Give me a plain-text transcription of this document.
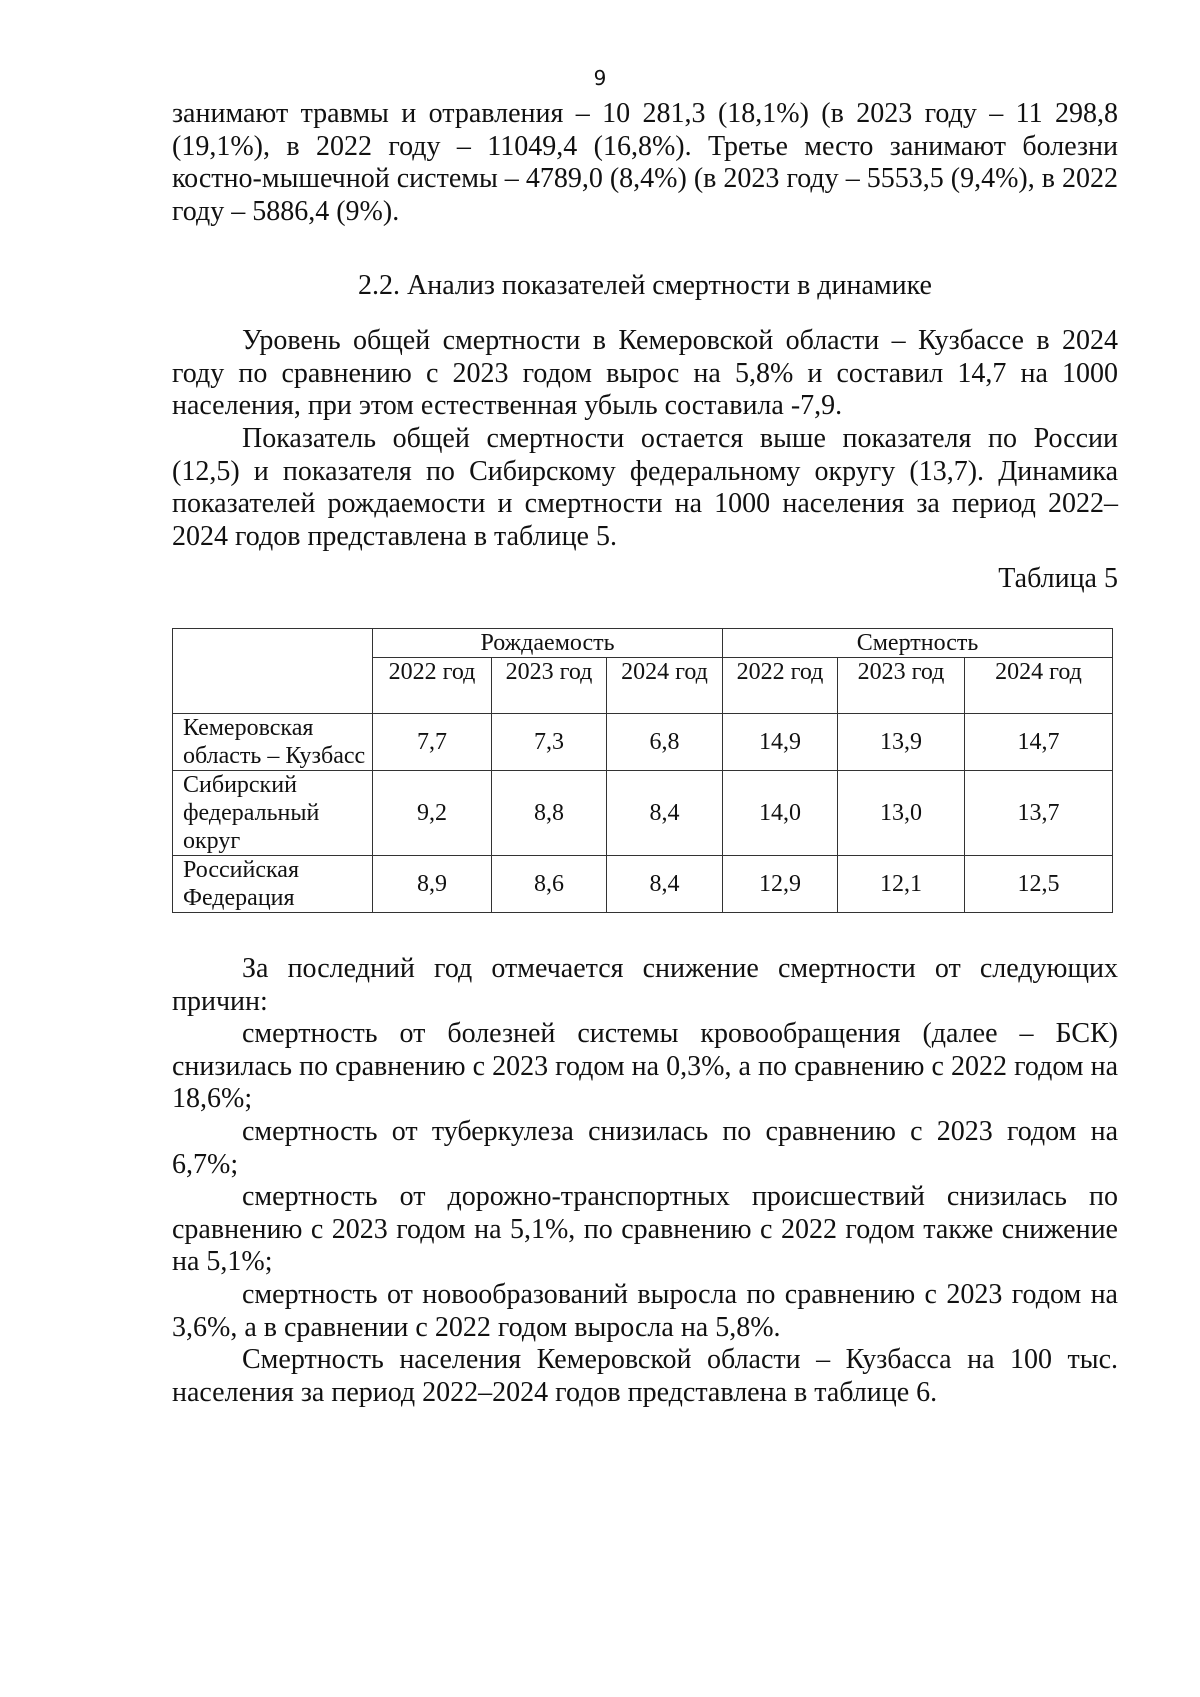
9

занимают травмы и отравления – 10 281,3 (18,1%) (в 2023 году – 11 298,8 (19,1%), в 2022 году – 11049,4 (16,8%). Третье место занимают болезни костно-мышечной системы – 4789,0 (8,4%) (в 2023 году – 5553,5 (9,4%), в 2022 году – 5886,4 (9%).

2.2. Анализ показателей смертности в динамике

Уровень общей смертности в Кемеровской области – Кузбассе в 2024 году по сравнению с 2023 годом вырос на 5,8% и составил 14,7 на 1000 населения, при этом естественная убыль составила -7,9.

Показатель общей смертности остается выше показателя по России (12,5) и показателя по Сибирскому федеральному округу (13,7). Динамика показателей рождаемости и смертности на 1000 населения за период 2022–2024 годов представлена в таблице 5.

Таблица 5
	Рождаемость			Смертность		
	2022 год	2023 год	2024 год	2022 год	2023 год	2024 год
Кемеровская область – Кузбасс	7,7	7,3	6,8	14,9	13,9	14,7
Сибирский федеральный округ	9,2	8,8	8,4	14,0	13,0	13,7
Российская Федерация	8,9	8,6	8,4	12,9	12,1	12,5

За последний год отмечается снижение смертности от следующих причин:

смертность от болезней системы кровообращения (далее – БСК) снизилась по сравнению с 2023 годом на 0,3%, а по сравнению с 2022 годом на 18,6%;

смертность от туберкулеза снизилась по сравнению с 2023 годом на 6,7%;

смертность от дорожно-транспортных происшествий снизилась по сравнению с 2023 годом на 5,1%, по сравнению с 2022 годом также снижение на 5,1%;

смертность от новообразований выросла по сравнению с 2023 годом на 3,6%, а в сравнении с 2022 годом выросла на 5,8%.

Смертность населения Кемеровской области – Кузбасса на 100 тыс. населения за период 2022–2024 годов представлена в таблице 6.
